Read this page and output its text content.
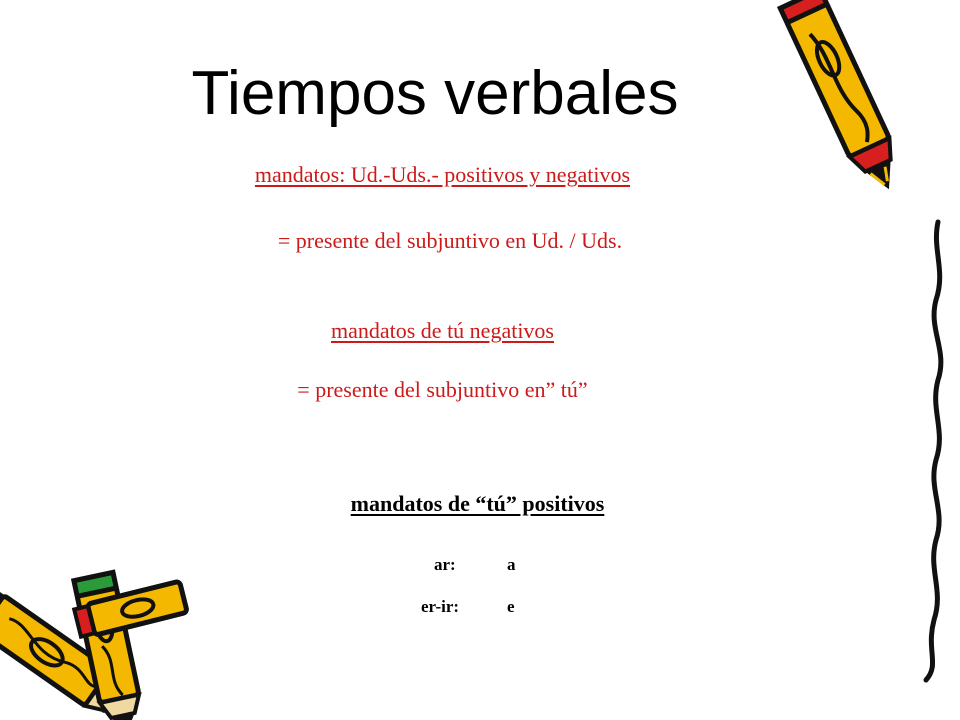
Tiempos verbales
mandatos: Ud.-Uds.- positivos y negativos
= presente del subjuntivo en Ud. / Uds.
mandatos de tú negativos
= presente del subjuntivo en” tú”
mandatos de “tú” positivos
ar:	a
er-ir:	e
